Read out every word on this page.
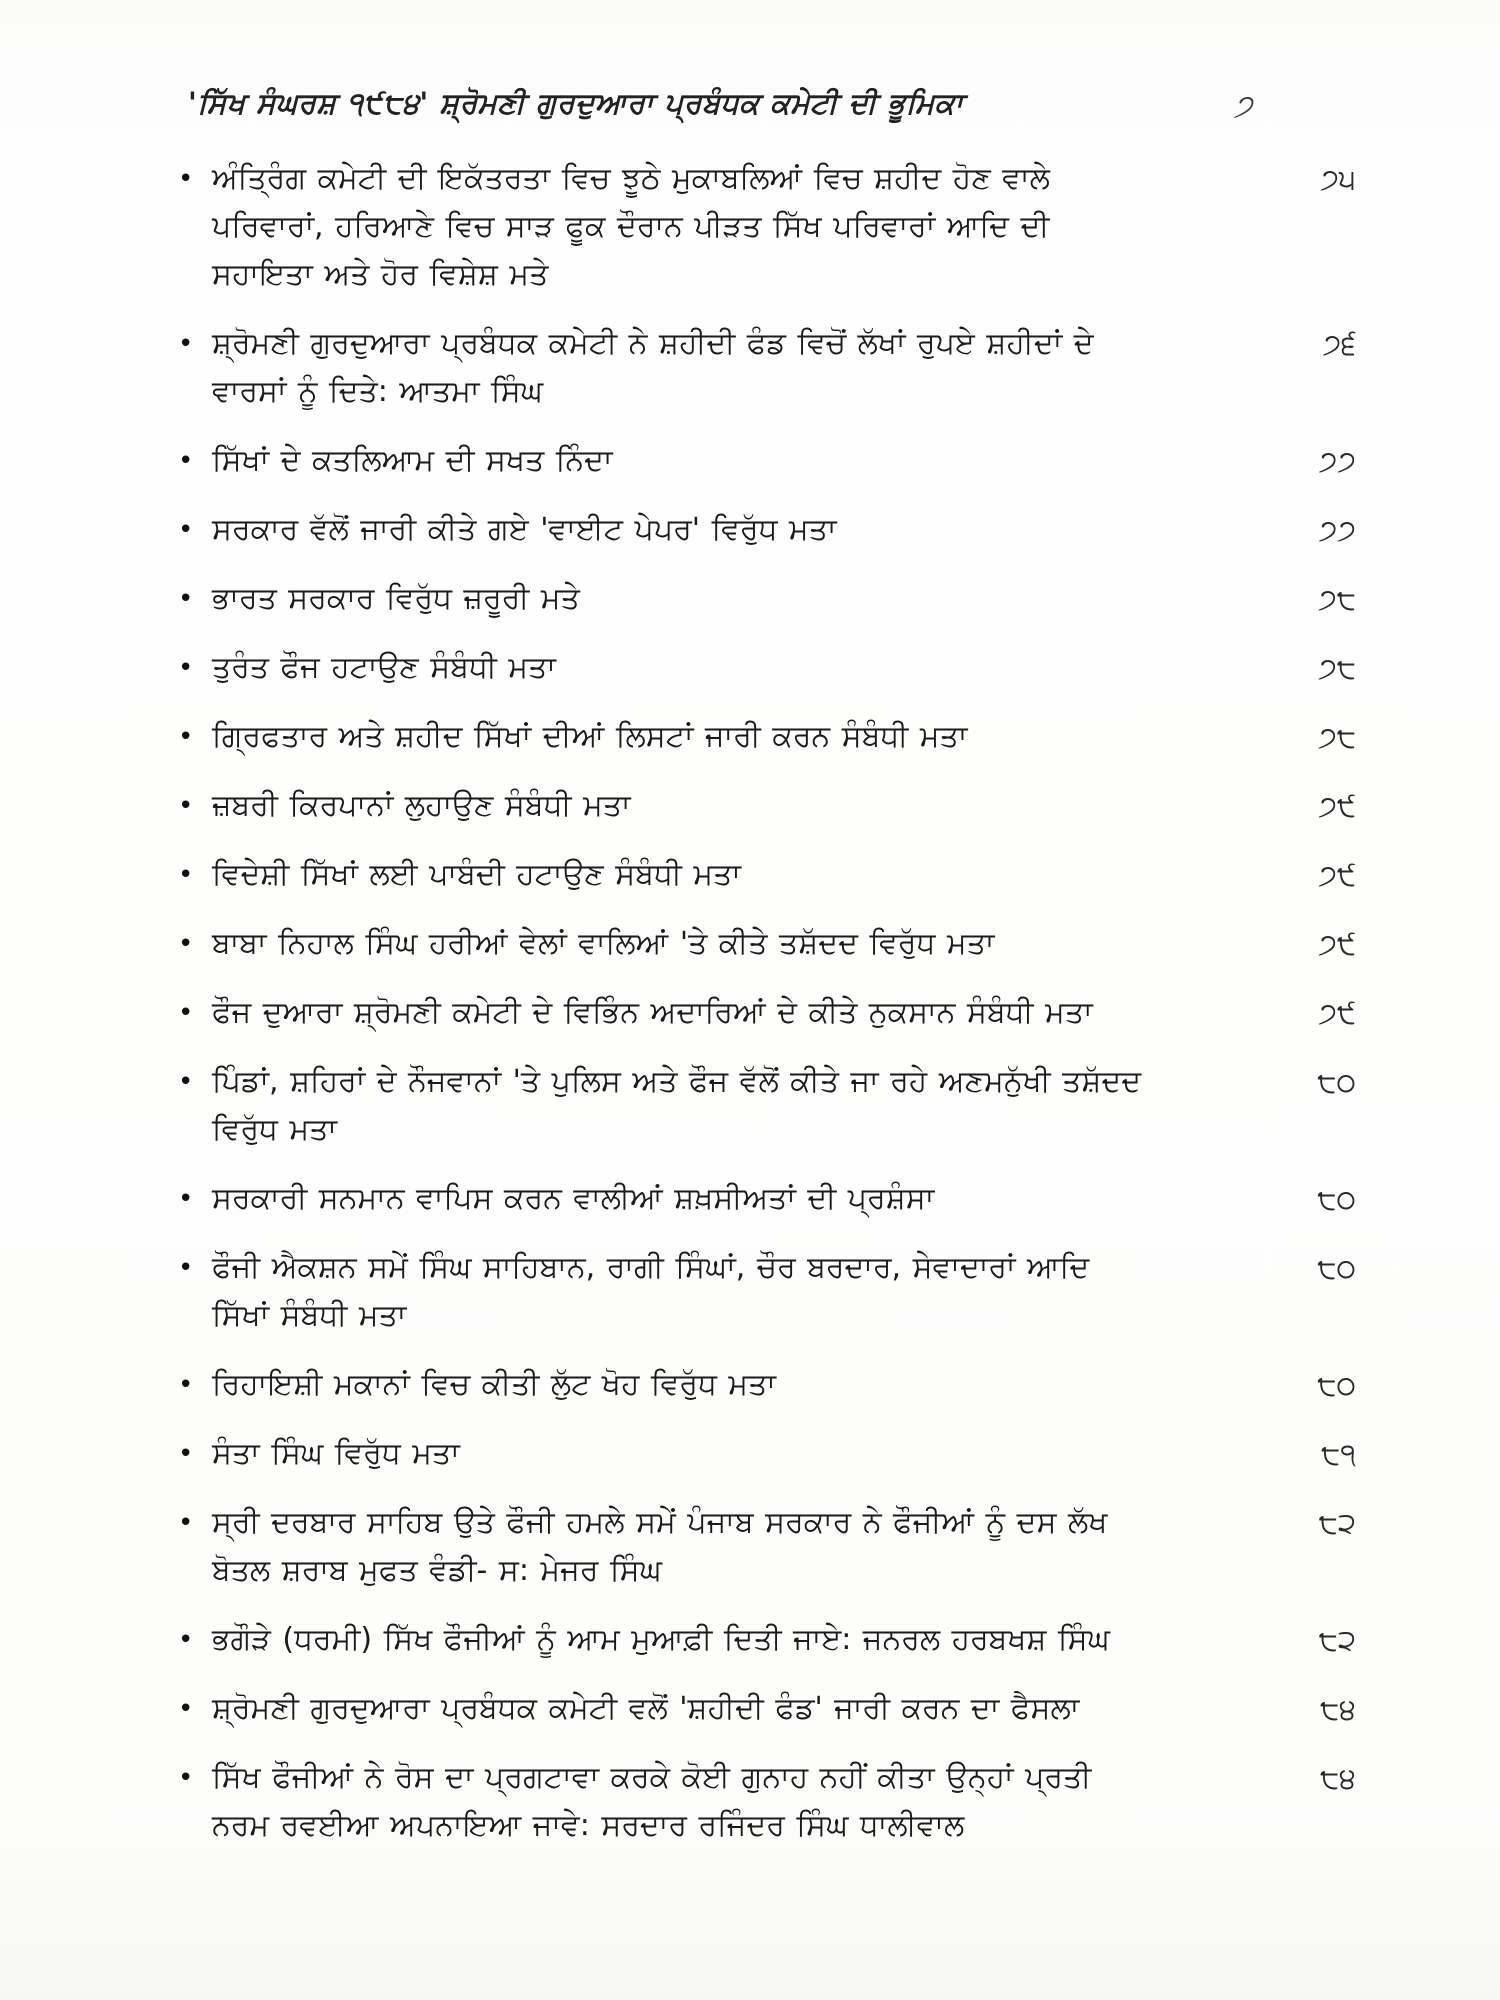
'ਸਿੱਖ ਸੰਘਰਸ਼ ੧੯੮੪' ਸ਼੍ਰੋਮਣੀ ਗੁਰਦੁਆਰਾ ਪ੍ਰਬੰਧਕ ਕਮੇਟੀ ਦੀ ਭੂਮਿਕਾ	੭
•
ਅੰਤ੍ਰਿੰਗ ਕਮੇਟੀ ਦੀ ਇਕੱਤਰਤਾ ਵਿਚ ਝੂਠੇ ਮੁਕਾਬਲਿਆਂ ਵਿਚ ਸ਼ਹੀਦ ਹੋਣ ਵਾਲੇ ਪਰਿਵਾਰਾਂ, ਹਰਿਆਣੇ ਵਿਚ ਸਾੜ ਫੂਕ ਦੌਰਾਨ ਪੀੜਤ ਸਿੱਖ ਪਰਿਵਾਰਾਂ ਆਦਿ ਦੀ ਸਹਾਇਤਾ ਅਤੇ ਹੋਰ ਵਿਸ਼ੇਸ਼ ਮਤੇ
੭੫
•
ਸ਼੍ਰੋਮਣੀ ਗੁਰਦੁਆਰਾ ਪ੍ਰਬੰਧਕ ਕਮੇਟੀ ਨੇ ਸ਼ਹੀਦੀ ਫੰਡ ਵਿਚੋਂ ਲੱਖਾਂ ਰੁਪਏ ਸ਼ਹੀਦਾਂ ਦੇ ਵਾਰਸਾਂ ਨੂੰ ਦਿਤੇ: ਆਤਮਾ ਸਿੰਘ
੭੬
•
ਸਿੱਖਾਂ ਦੇ ਕਤਲਿਆਮ ਦੀ ਸਖਤ ਨਿੰਦਾ	੭੭
•
ਸਰਕਾਰ ਵੱਲੋਂ ਜਾਰੀ ਕੀਤੇ ਗਏ 'ਵਾਈਟ ਪੇਪਰ' ਵਿਰੁੱਧ ਮਤਾ	੭੭
•
ਭਾਰਤ ਸਰਕਾਰ ਵਿਰੁੱਧ ਜ਼ਰੂਰੀ ਮਤੇ	੭੮
•
ਤੁਰੰਤ ਫੌਜ ਹਟਾਉਣ ਸੰਬੰਧੀ ਮਤਾ	੭੮
•
ਗ੍ਰਿਫਤਾਰ ਅਤੇ ਸ਼ਹੀਦ ਸਿੱਖਾਂ ਦੀਆਂ ਲਿਸਟਾਂ ਜਾਰੀ ਕਰਨ ਸੰਬੰਧੀ ਮਤਾ	੭੮
•
ਜ਼ਬਰੀ ਕਿਰਪਾਨਾਂ ਲੁਹਾਉਣ ਸੰਬੰਧੀ ਮਤਾ	੭੯
•
ਵਿਦੇਸ਼ੀ ਸਿੱਖਾਂ ਲਈ ਪਾਬੰਦੀ ਹਟਾਉਣ ਸੰਬੰਧੀ ਮਤਾ	੭੯
•
ਬਾਬਾ ਨਿਹਾਲ ਸਿੰਘ ਹਰੀਆਂ ਵੇਲਾਂ ਵਾਲਿਆਂ 'ਤੇ ਕੀਤੇ ਤਸ਼ੱਦਦ ਵਿਰੁੱਧ ਮਤਾ	੭੯
•
ਫੌਜ ਦੁਆਰਾ ਸ਼੍ਰੋਮਣੀ ਕਮੇਟੀ ਦੇ ਵਿਭਿੰਨ ਅਦਾਰਿਆਂ ਦੇ ਕੀਤੇ ਨੁਕਸਾਨ ਸੰਬੰਧੀ ਮਤਾ	੭੯
•
ਪਿੰਡਾਂ, ਸ਼ਹਿਰਾਂ ਦੇ ਨੌਜਵਾਨਾਂ 'ਤੇ ਪੁਲਿਸ ਅਤੇ ਫੌਜ ਵੱਲੋਂ ਕੀਤੇ ਜਾ ਰਹੇ ਅਣਮਨੁੱਖੀ ਤਸ਼ੱਦਦ ਵਿਰੁੱਧ ਮਤਾ
੮੦
•
ਸਰਕਾਰੀ ਸਨਮਾਨ ਵਾਪਿਸ ਕਰਨ ਵਾਲੀਆਂ ਸ਼ਖ਼ਸੀਅਤਾਂ ਦੀ ਪ੍ਰਸ਼ੰਸਾ	੮੦
•
ਫੌਜੀ ਐਕਸ਼ਨ ਸਮੇਂ ਸਿੰਘ ਸਾਹਿਬਾਨ, ਰਾਗੀ ਸਿੰਘਾਂ, ਚੌਰ ਬਰਦਾਰ, ਸੇਵਾਦਾਰਾਂ ਆਦਿ ਸਿੱਖਾਂ ਸੰਬੰਧੀ ਮਤਾ
੮੦
•
ਰਿਹਾਇਸ਼ੀ ਮਕਾਨਾਂ ਵਿਚ ਕੀਤੀ ਲੁੱਟ ਖੋਹ ਵਿਰੁੱਧ ਮਤਾ	੮੦
•
ਸੰਤਾ ਸਿੰਘ ਵਿਰੁੱਧ ਮਤਾ	੮੧
•
ਸ੍ਰੀ ਦਰਬਾਰ ਸਾਹਿਬ ਉਤੇ ਫੌਜੀ ਹਮਲੇ ਸਮੇਂ ਪੰਜਾਬ ਸਰਕਾਰ ਨੇ ਫੌਜੀਆਂ ਨੂੰ ਦਸ ਲੱਖ ਬੋਤਲ ਸ਼ਰਾਬ ਮੁਫਤ ਵੰਡੀ- ਸ: ਮੇਜਰ ਸਿੰਘ
੮੨
•
ਭਗੌੜੇ (ਧਰਮੀ) ਸਿੱਖ ਫੌਜੀਆਂ ਨੂੰ ਆਮ ਮੁਆਫ਼ੀ ਦਿਤੀ ਜਾਏ: ਜਨਰਲ ਹਰਬਖਸ਼ ਸਿੰਘ	੮੨
•
ਸ਼੍ਰੋਮਣੀ ਗੁਰਦੁਆਰਾ ਪ੍ਰਬੰਧਕ ਕਮੇਟੀ ਵਲੋਂ 'ਸ਼ਹੀਦੀ ਫੰਡ' ਜਾਰੀ ਕਰਨ ਦਾ ਫੈਸਲਾ	੮੪
•
ਸਿੱਖ ਫੌਜੀਆਂ ਨੇ ਰੋਸ ਦਾ ਪ੍ਰਗਟਾਵਾ ਕਰਕੇ ਕੋਈ ਗੁਨਾਹ ਨਹੀਂ ਕੀਤਾ ਉਨ੍ਹਾਂ ਪ੍ਰਤੀ ਨਰਮ ਰਵਈਆ ਅਪਨਾਇਆ ਜਾਵੇ: ਸਰਦਾਰ ਰਜਿੰਦਰ ਸਿੰਘ ਧਾਲੀਵਾਲ
੮੪
